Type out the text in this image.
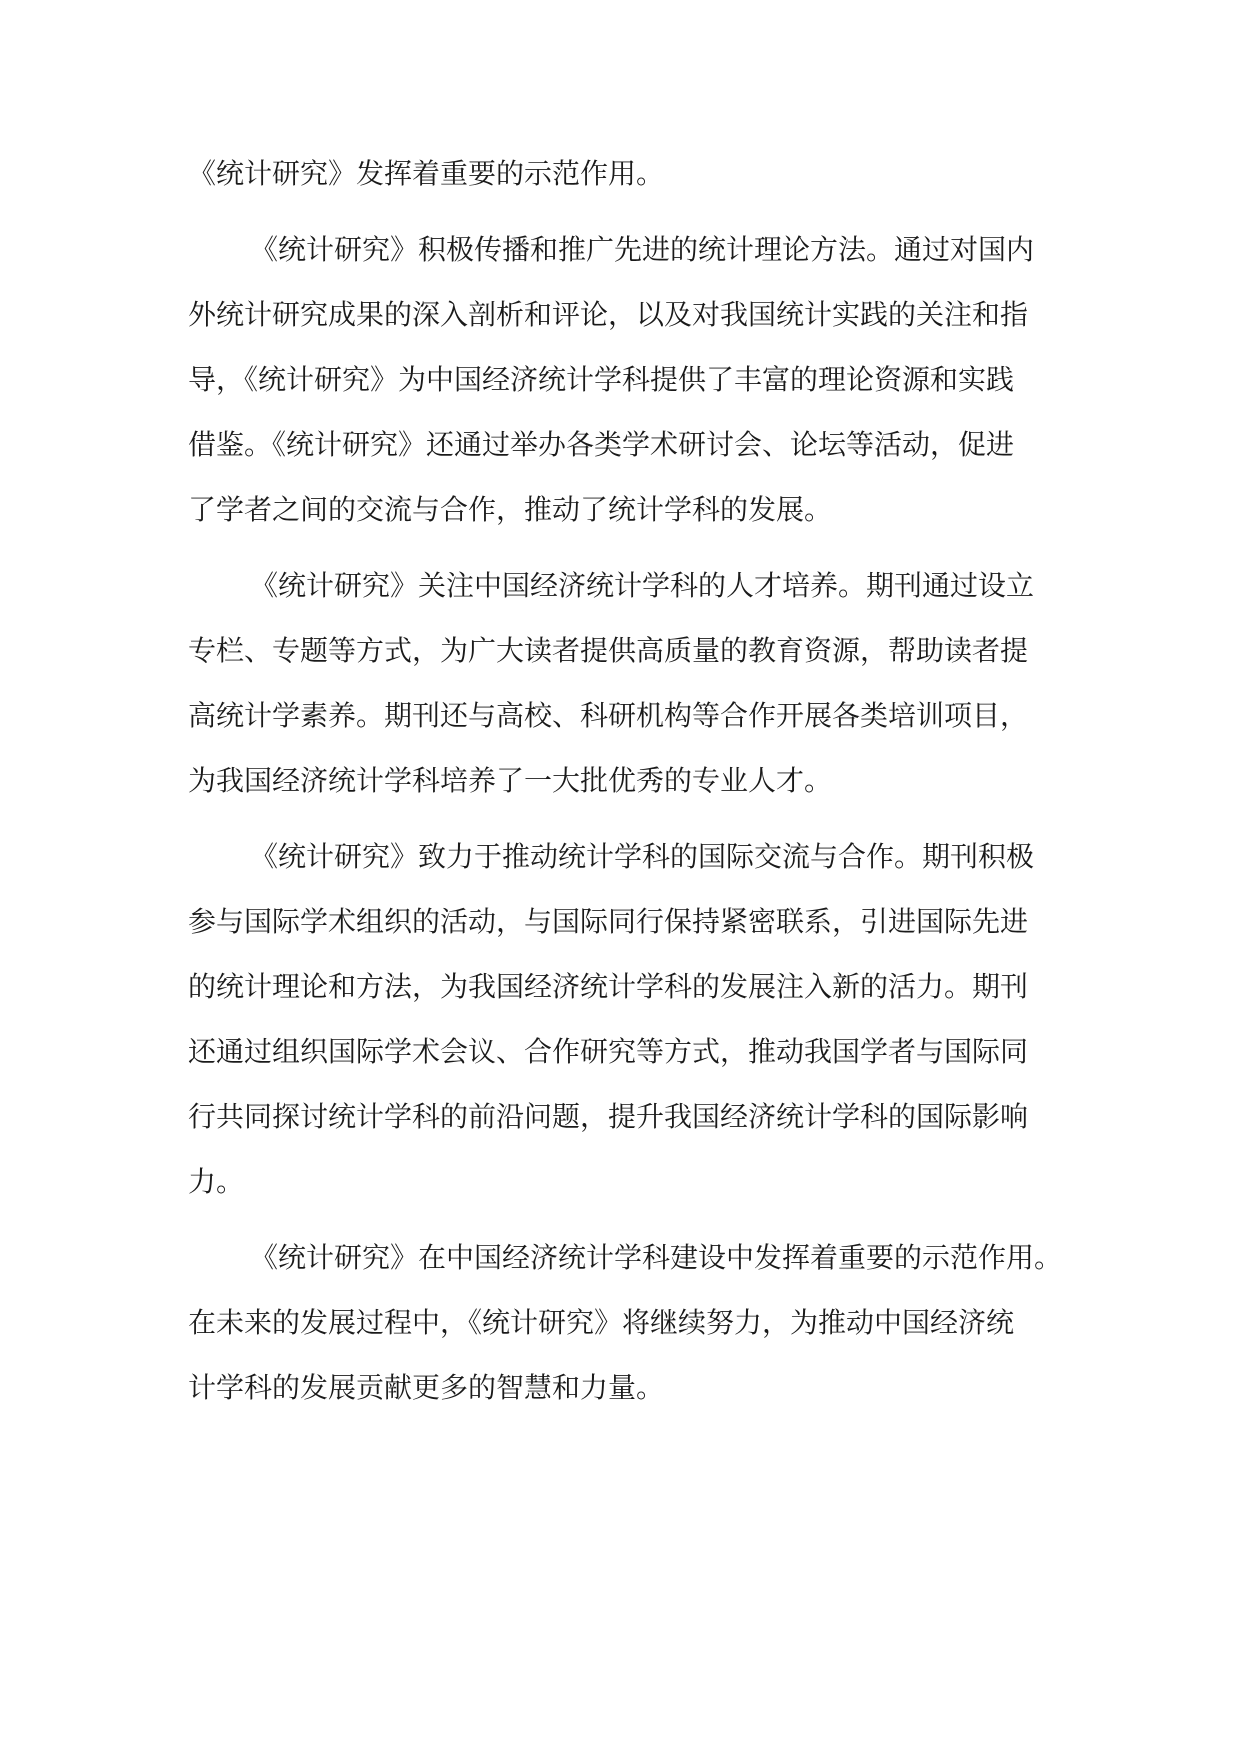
《统计研究》发挥着重要的示范作用。
《统计研究》积极传播和推广先进的统计理论方法。通过对国内
外统计研究成果的深入剖析和评论，以及对我国统计实践的关注和指
导，《统计研究》为中国经济统计学科提供了丰富的理论资源和实践
借鉴。《统计研究》还通过举办各类学术研讨会、论坛等活动，促进
了学者之间的交流与合作，推动了统计学科的发展。
《统计研究》关注中国经济统计学科的人才培养。期刊通过设立
专栏、专题等方式，为广大读者提供高质量的教育资源，帮助读者提
高统计学素养。期刊还与高校、科研机构等合作开展各类培训项目，
为我国经济统计学科培养了一大批优秀的专业人才。
《统计研究》致力于推动统计学科的国际交流与合作。期刊积极
参与国际学术组织的活动，与国际同行保持紧密联系，引进国际先进
的统计理论和方法，为我国经济统计学科的发展注入新的活力。期刊
还通过组织国际学术会议、合作研究等方式，推动我国学者与国际同
行共同探讨统计学科的前沿问题，提升我国经济统计学科的国际影响
力。
《统计研究》在中国经济统计学科建设中发挥着重要的示范作用。
在未来的发展过程中，《统计研究》将继续努力，为推动中国经济统
计学科的发展贡献更多的智慧和力量。
